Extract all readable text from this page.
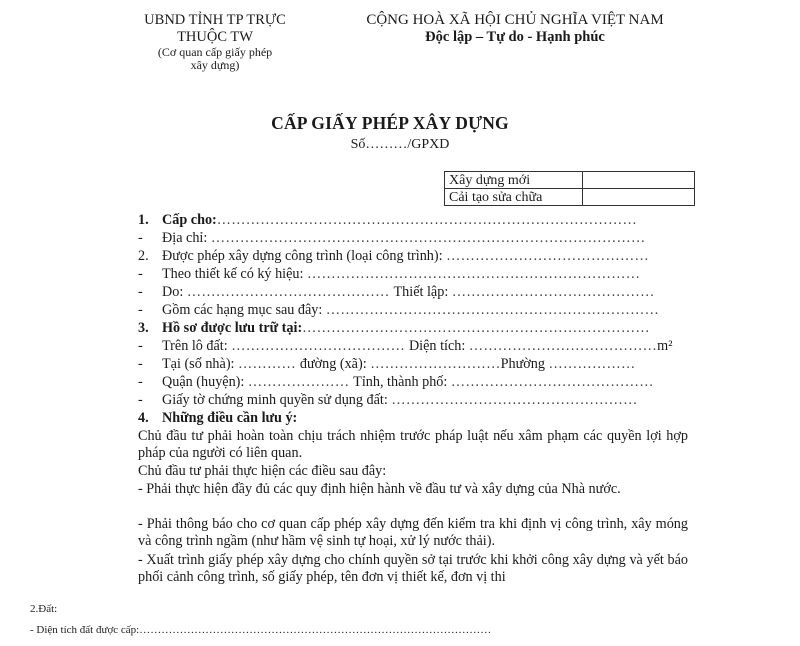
UBND TỈNH TP TRỰC
THUỘC TW
(Cơ quan cấp giấy phép
xây dựng)
CỘNG HOÀ XÃ HỘI CHỦ NGHĨA VIỆT NAM
Độc lập – Tự do - Hạnh phúc
CẤP GIẤY PHÉP XÂY DỰNG
Số………/GPXD
Xây dựng mới	
Cải tạo sửa chữa	
1. Cấp cho:……………………………………………………………………………
- Địa chỉ: ………………………………………………………………………………
2. Được phép xây dựng công trình (loại công trình): ……………………………………
- Theo thiết kế có ký hiệu: ……………………………………………………………
- Do: …………………………………… Thiết lập: ……………………………………
- Gồm các hạng mục sau đây: ……………………………………………………………
3. Hồ sơ được lưu trữ tại:………………………………………………………………
- Trên lô đất: ……………………………… Diện tích: …………………………………m²
- Tại (số nhà): ………… đường (xã): ………………………Phường ………………
- Quận (huyện): ………………… Tỉnh, thành phố: ……………………………………
- Giấy tờ chứng minh quyền sử dụng đất: ……………………………………………
4. Những điều cần lưu ý:
Chủ đầu tư phải hoàn toàn chịu trách nhiệm trước pháp luật nếu xâm phạm các quyền lợi hợp pháp của người có liên quan.
Chủ đầu tư phải thực hiện các điều sau đây:
- Phải thực hiện đầy đủ các quy định hiện hành về đầu tư và xây dựng của Nhà nước.
- Phải thông báo cho cơ quan cấp phép xây dựng đến kiểm tra khi định vị công trình, xây móng và công trình ngầm (như hầm vệ sinh tự hoại, xử lý nước thải).
- Xuất trình giấy phép xây dựng cho chính quyền sở tại trước khi khởi công xây dựng và yết báo phối cảnh công trình, số giấy phép, tên đơn vị thiết kế, đơn vị thi
2.Đất:
- Diện tích đất được cấp:……………………………………………………………………………………
